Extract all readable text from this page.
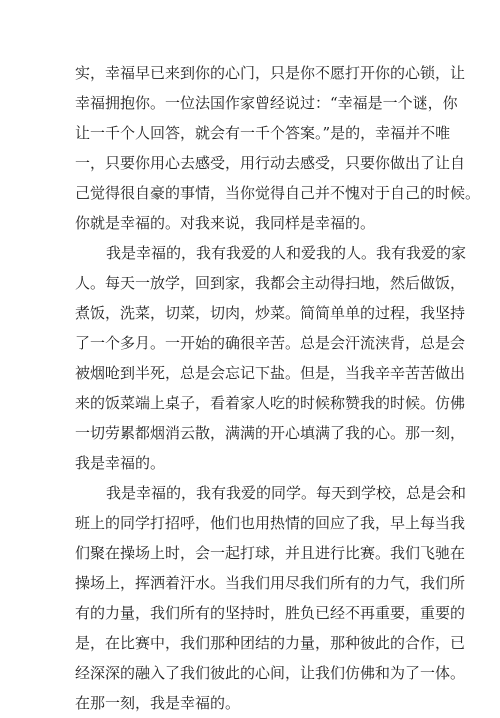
实，幸福早已来到你的心门，只是你不愿打开你的心锁，让
幸福拥抱你。一位法国作家曾经说过：“幸福是一个谜，你
让一千个人回答，就会有一千个答案。”是的，幸福并不唯
一，只要你用心去感受，用行动去感受，只要你做出了让自
己觉得很自豪的事情，当你觉得自己并不愧对于自己的时候。
你就是幸福的。对我来说，我同样是幸福的。
我是幸福的，我有我爱的人和爱我的人。我有我爱的家
人。每天一放学，回到家，我都会主动得扫地，然后做饭，
煮饭，洗菜，切菜，切肉，炒菜。简简单单的过程，我坚持
了一个多月。一开始的确很辛苦。总是会汗流浃背，总是会
被烟呛到半死，总是会忘记下盐。但是，当我辛辛苦苦做出
来的饭菜端上桌子，看着家人吃的时候称赞我的时候。仿佛
一切劳累都烟消云散，满满的开心填满了我的心。那一刻，
我是幸福的。
我是幸福的，我有我爱的同学。每天到学校，总是会和
班上的同学打招呼，他们也用热情的回应了我，早上每当我
们聚在操场上时，会一起打球，并且进行比赛。我们飞驰在
操场上，挥洒着汗水。当我们用尽我们所有的力气，我们所
有的力量，我们所有的坚持时，胜负已经不再重要，重要的
是，在比赛中，我们那种团结的力量，那种彼此的合作，已
经深深的融入了我们彼此的心间，让我们仿佛和为了一体。
在那一刻，我是幸福的。
